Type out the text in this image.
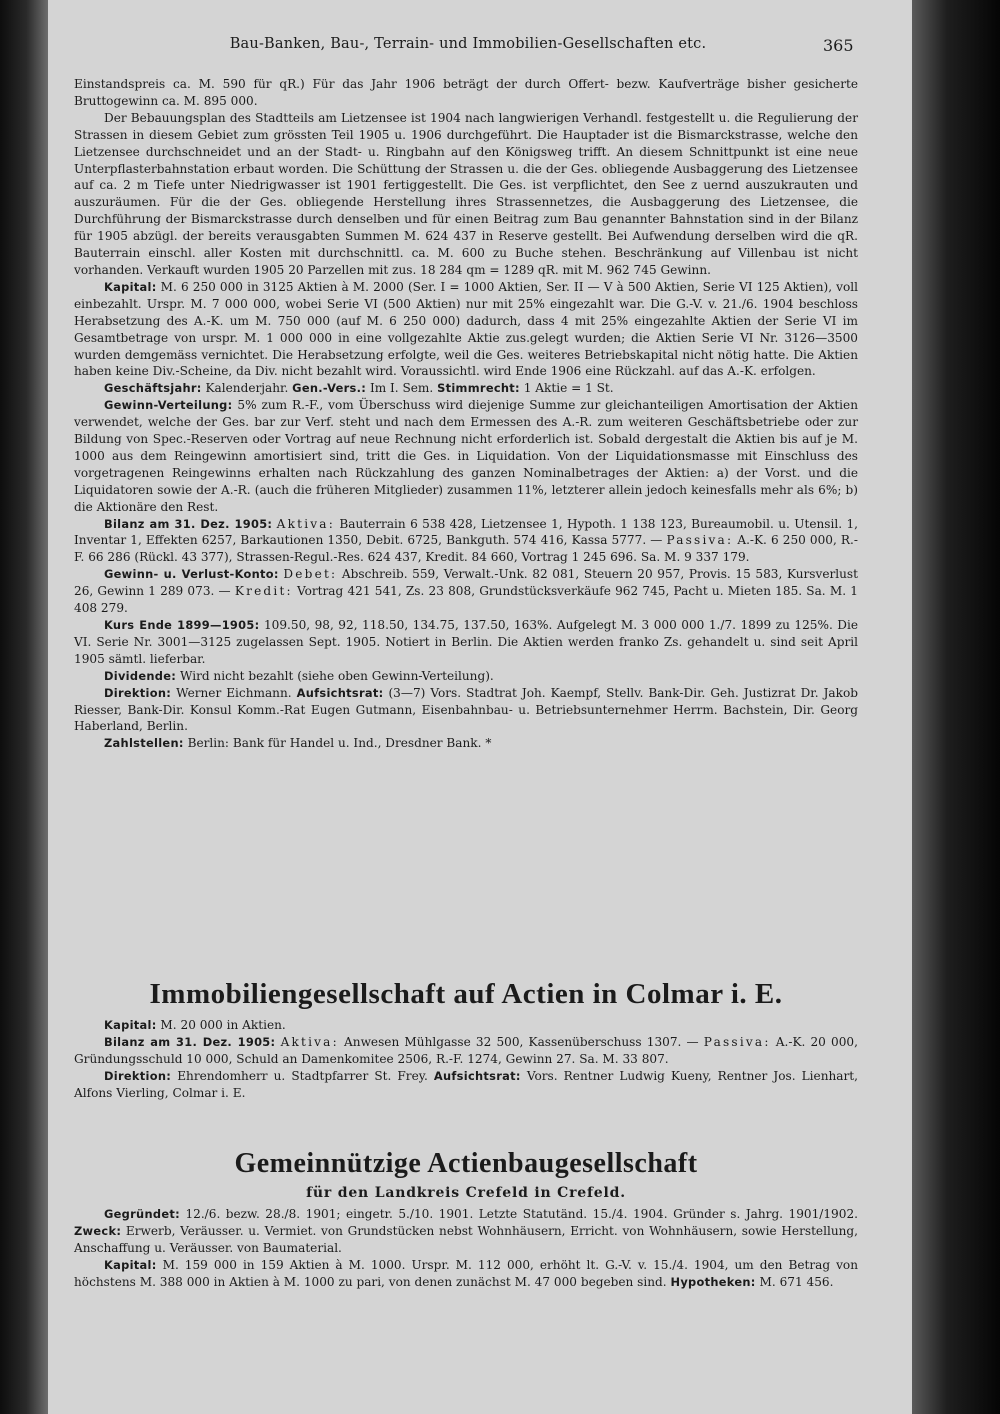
Bau-Banken, Bau-, Terrain- und Immobilien-Gesellschaften etc.	365

Einstandspreis ca. M. 590 für qR.) Für das Jahr 1906 beträgt der durch Offert- bezw. Kaufverträge bisher gesicherte Bruttogewinn ca. M. 895 000.

Der Bebauungsplan des Stadtteils am Lietzensee ist 1904 nach langwierigen Verhandl. festgestellt u. die Regulierung der Strassen in diesem Gebiet zum grössten Teil 1905 u. 1906 durchgeführt. Die Hauptader ist die Bismarckstrasse, welche den Lietzensee durchschneidet und an der Stadt- u. Ringbahn auf den Königsweg trifft. An diesem Schnittpunkt ist eine neue Unterpflasterbahnstation erbaut worden. Die Schüttung der Strassen u. die der Ges. obliegende Ausbaggerung des Lietzensee auf ca. 2 m Tiefe unter Niedrigwasser ist 1901 fertiggestellt. Die Ges. ist verpflichtet, den See z uernd auszukrauten und auszuräumen. Für die der Ges. obliegende Herstellung ihres Strassennetzes, die Ausbaggerung des Lietzensee, die Durchführung der Bismarckstrasse durch denselben und für einen Beitrag zum Bau genannter Bahnstation sind in der Bilanz für 1905 abzügl. der bereits verausgabten Summen M. 624 437 in Reserve gestellt. Bei Aufwendung derselben wird die qR. Bauterrain einschl. aller Kosten mit durchschnittl. ca. M. 600 zu Buche stehen. Beschränkung auf Villenbau ist nicht vorhanden. Verkauft wurden 1905 20 Parzellen mit zus. 18 284 qm = 1289 qR. mit M. 962 745 Gewinn.

Kapital: M. 6 250 000 in 3125 Aktien à M. 2000 (Ser. I = 1000 Aktien, Ser. II — V à 500 Aktien, Serie VI 125 Aktien), voll einbezahlt. Urspr. M. 7 000 000, wobei Serie VI (500 Aktien) nur mit 25% eingezahlt war. Die G.-V. v. 21./6. 1904 beschloss Herabsetzung des A.-K. um M. 750 000 (auf M. 6 250 000) dadurch, dass 4 mit 25% eingezahlte Aktien der Serie VI im Gesamtbetrage von urspr. M. 1 000 000 in eine vollgezahlte Aktie zus.gelegt wurden; die Aktien Serie VI Nr. 3126—3500 wurden demgemäss vernichtet. Die Herabsetzung erfolgte, weil die Ges. weiteres Betriebskapital nicht nötig hatte. Die Aktien haben keine Div.-Scheine, da Div. nicht bezahlt wird. Voraussichtl. wird Ende 1906 eine Rückzahl. auf das A.-K. erfolgen.

Geschäftsjahr: Kalenderjahr. Gen.-Vers.: Im I. Sem. Stimmrecht: 1 Aktie = 1 St.

Gewinn-Verteilung: 5% zum R.-F., vom Überschuss wird diejenige Summe zur gleichanteiligen Amortisation der Aktien verwendet, welche der Ges. bar zur Verf. steht und nach dem Ermessen des A.-R. zum weiteren Geschäftsbetriebe oder zur Bildung von Spec.-Reserven oder Vortrag auf neue Rechnung nicht erforderlich ist. Sobald dergestalt die Aktien bis auf je M. 1000 aus dem Reingewinn amortisiert sind, tritt die Ges. in Liquidation. Von der Liquidationsmasse mit Einschluss des vorgetragenen Reingewinns erhalten nach Rückzahlung des ganzen Nominalbetrages der Aktien: a) der Vorst. und die Liquidatoren sowie der A.-R. (auch die früheren Mitglieder) zusammen 11%, letzterer allein jedoch keinesfalls mehr als 6%; b) die Aktionäre den Rest.

Bilanz am 31. Dez. 1905: Aktiva: Bauterrain 6 538 428, Lietzensee 1, Hypoth. 1 138 123, Bureaumobil. u. Utensil. 1, Inventar 1, Effekten 6257, Barkautionen 1350, Debit. 6725, Bankguth. 574 416, Kassa 5777. — Passiva: A.-K. 6 250 000, R.-F. 66 286 (Rückl. 43 377), Strassen-Regul.-Res. 624 437, Kredit. 84 660, Vortrag 1 245 696. Sa. M. 9 337 179.

Gewinn- u. Verlust-Konto: Debet: Abschreib. 559, Verwalt.-Unk. 82 081, Steuern 20 957, Provis. 15 583, Kursverlust 26, Gewinn 1 289 073. — Kredit: Vortrag 421 541, Zs. 23 808, Grundstücksverkäufe 962 745, Pacht u. Mieten 185. Sa. M. 1 408 279.

Kurs Ende 1899—1905: 109.50, 98, 92, 118.50, 134.75, 137.50, 163%. Aufgelegt M. 3 000 000 1./7. 1899 zu 125%. Die VI. Serie Nr. 3001—3125 zugelassen Sept. 1905. Notiert in Berlin. Die Aktien werden franko Zs. gehandelt u. sind seit April 1905 sämtl. lieferbar.

Dividende: Wird nicht bezahlt (siehe oben Gewinn-Verteilung).

Direktion: Werner Eichmann. Aufsichtsrat: (3—7) Vors. Stadtrat Joh. Kaempf, Stellv. Bank-Dir. Geh. Justizrat Dr. Jakob Riesser, Bank-Dir. Konsul Komm.-Rat Eugen Gutmann, Eisenbahnbau- u. Betriebsunternehmer Herrm. Bachstein, Dir. Georg Haberland, Berlin.

Zahlstellen: Berlin: Bank für Handel u. Ind., Dresdner Bank. *

Immobiliengesellschaft auf Actien in Colmar i. E.

Kapital: M. 20 000 in Aktien.

Bilanz am 31. Dez. 1905: Aktiva: Anwesen Mühlgasse 32 500, Kassenüberschuss 1307. — Passiva: A.-K. 20 000, Gründungsschuld 10 000, Schuld an Damenkomitee 2506, R.-F. 1274, Gewinn 27. Sa. M. 33 807.

Direktion: Ehrendomherr u. Stadtpfarrer St. Frey. Aufsichtsrat: Vors. Rentner Ludwig Kueny, Rentner Jos. Lienhart, Alfons Vierling, Colmar i. E.

Gemeinnützige Actienbaugesellschaft
für den Landkreis Crefeld in Crefeld.

Gegründet: 12./6. bezw. 28./8. 1901; eingetr. 5./10. 1901. Letzte Statutänd. 15./4. 1904. Gründer s. Jahrg. 1901/1902. Zweck: Erwerb, Veräusser. u. Vermiet. von Grundstücken nebst Wohnhäusern, Erricht. von Wohnhäusern, sowie Herstellung, Anschaffung u. Veräusser. von Baumaterial.

Kapital: M. 159 000 in 159 Aktien à M. 1000. Urspr. M. 112 000, erhöht lt. G.-V. v. 15./4. 1904, um den Betrag von höchstens M. 388 000 in Aktien à M. 1000 zu pari, von denen zunächst M. 47 000 begeben sind. Hypotheken: M. 671 456.
